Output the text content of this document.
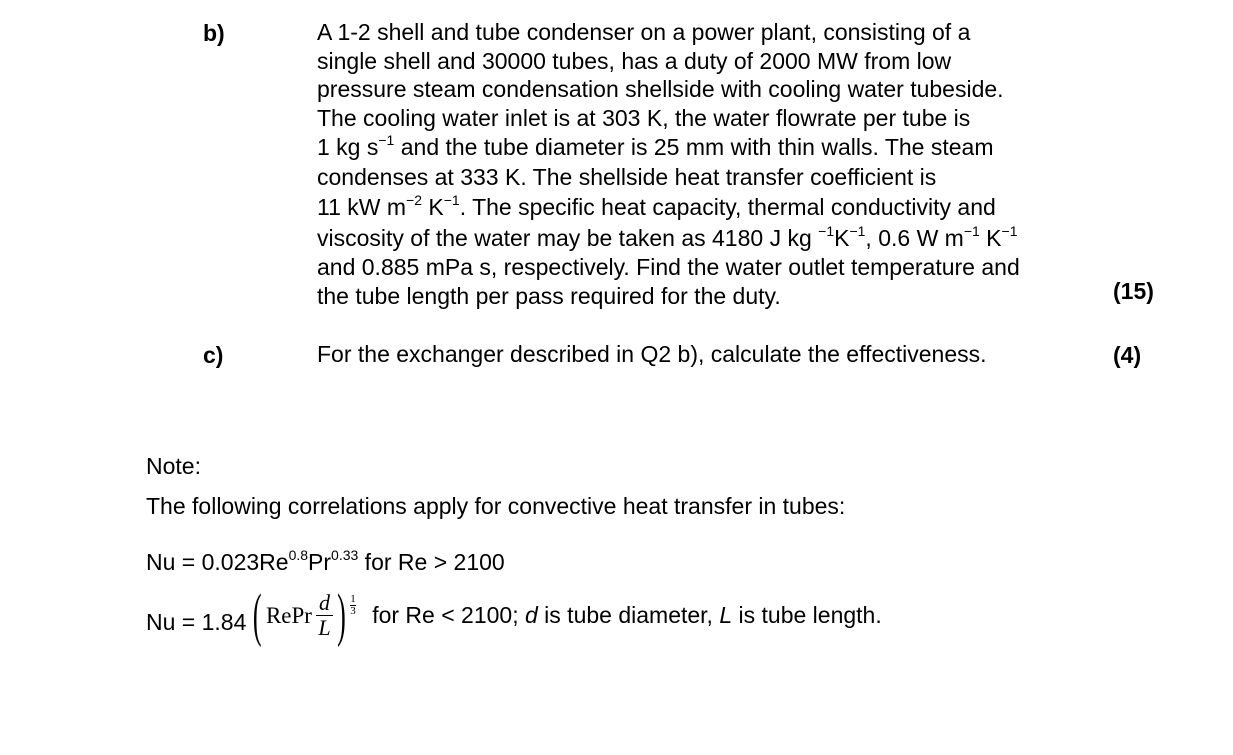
b)	A 1-2 shell and tube condenser on a power plant, consisting of a
single shell and 30000 tubes, has a duty of 2000 MW from low
pressure steam condensation shellside with cooling water tubeside.
The cooling water inlet is at 303 K, the water flowrate per tube is
1 kg $s^{-1}$ and the tube diameter is 25 mm with thin walls. The steam
condenses at 333 K. The shellside heat transfer coefficient is
11 kW $m^{-2}$ $K^{-1}$. The specific heat capacity, thermal conductivity and
viscosity of the water may be taken as 4180 J kg $^{-1}K^{-1}$, 0.6 W $m^{-1}$ $K^{-1}$
and 0.885 mPa s, respectively. Find the water outlet temperature and
the tube length per pass required for the duty.	(15)
c)	For the exchanger described in Q2 b), calculate the effectiveness.	(4)
Note:
The following correlations apply for convective heat transfer in tubes:
$Nu = 0.023Re^{0.8}Pr^{0.33}$ for Re > 2100
Nu = 1.84 ( RePr $\frac{d}{L}$ ) $\frac{1}{3}$ for Re < 2100; d is tube diameter, L is tube length.
